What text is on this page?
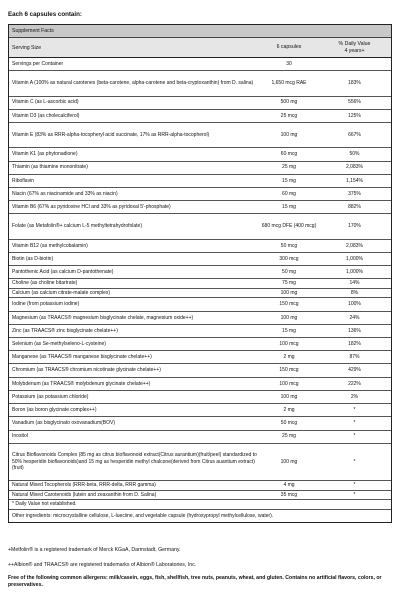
Each 6 capsules contain:
Supplement Facts
Serving Size	6 capsules
% Daily Value
4 years+
Servings per Container	30
Vitamin A (100% as natural carotenes (beta-carotene, alpha-carotene and beta-cryptoxanthin) from D. salina)	1,650 mcg RAE	183%
Vitamin C (as L-ascorbic acid)	500 mg	556%
Vitamin D3 (as cholecalciferol)	25 mcg	125%
Vitamin E (83% as RRR-alpha-tocopheryl acid succinate, 17% as RRR-alpha-tocopherol)	100 mg	667%
Vitamin K1 (as phytonadione)	60 mcg	50%
Thiamin (as thiamine mononitrate)	25 mg	2,083%
Riboflavin	15 mg	1,154%
Niacin (67% as niacinamide and 33% as niacin)	60 mg	375%
Vitamin B6 (67% as pyridoxine HCl and 33% as pyridoxal 5'-phosphate)	15 mg	882%
Folate (as Metafolin®+ calcium L-5 methyltetrahydrofolate)	680 mcg DFE (400 mcg)	170%
Vitamin B12 (as methylcobalamin)	50 mcg	2,083%
Biotin (as D-biotin)	300 mcg	1,000%
Pantothenic Acid (as calcium D-pantothenate)	50 mg	1,000%
Choline (as choline bitartrate)	75 mg	14%
Calcium (as calcium citrate-malate complex)	100 mg	8%
Iodine (from potassium iodine)	150 mcg	100%
Magnesium (as TRAACS® magnesium bisglycinate chelate, magnesium oxide++)	100 mg	24%
Zinc (as TRAACS® zinc bisglycinate chelate++)	15 mg	136%
Selenium (as Se-methylseleno-L-cysteine)	100 mcg	182%
Manganese (as TRAACS® manganese bisglycinate chelate++)	2 mg	87%
Chromium (as TRAACS® chromium nicotinate glycinate chelate++)	150 mcg	429%
Molybdenum (as TRAACS® molybdenum glycinate chelate++)	100 mcg	222%
Potassium (as potassium chloride)	100 mg	2%
Boron (as boron glycinate complex++)	2 mg	*
Vanadium (as bisglycinato oxovanadium(BOV)	50 mcg	*
Inositol	25 mg	*
Citrus Bioflavonoids Complex (85 mg as citrus bioflavonoid extract(Citrus aurantium)(fruit/peel) standardized to 50% hesperidin bioflavonoids)and 15 mg as hesperidin methyl chalcone(derived from Citrus auantium extract)(fruit)
100 mg	*
Natural Mixed Tocopherols (RRR-beta, RRR-delta, RRR gamma)	4 mg	*
Natural Mixed Carotenoids (lutein and zeaxanthin from D. Salina)	35 mcg	*
* Daily Value not established.
Other ingredients: microcrystalline cellulose, L-lueciine, and vegetable capsule (hydroxypropyl methylcellulose, water).
+Metfolin® is a registered trademark of Merck KGaA, Darmstadt, Germany.
++Albion® and TRAACS® are registered trademarks of Albion® Laboratories, Inc.
Free of the following common allergens: milk/casein, eggs, fish, shellfish, tree nuts, peanuts, wheat, and gluten. Contains no artificial flavors, colors, or preservatives.
